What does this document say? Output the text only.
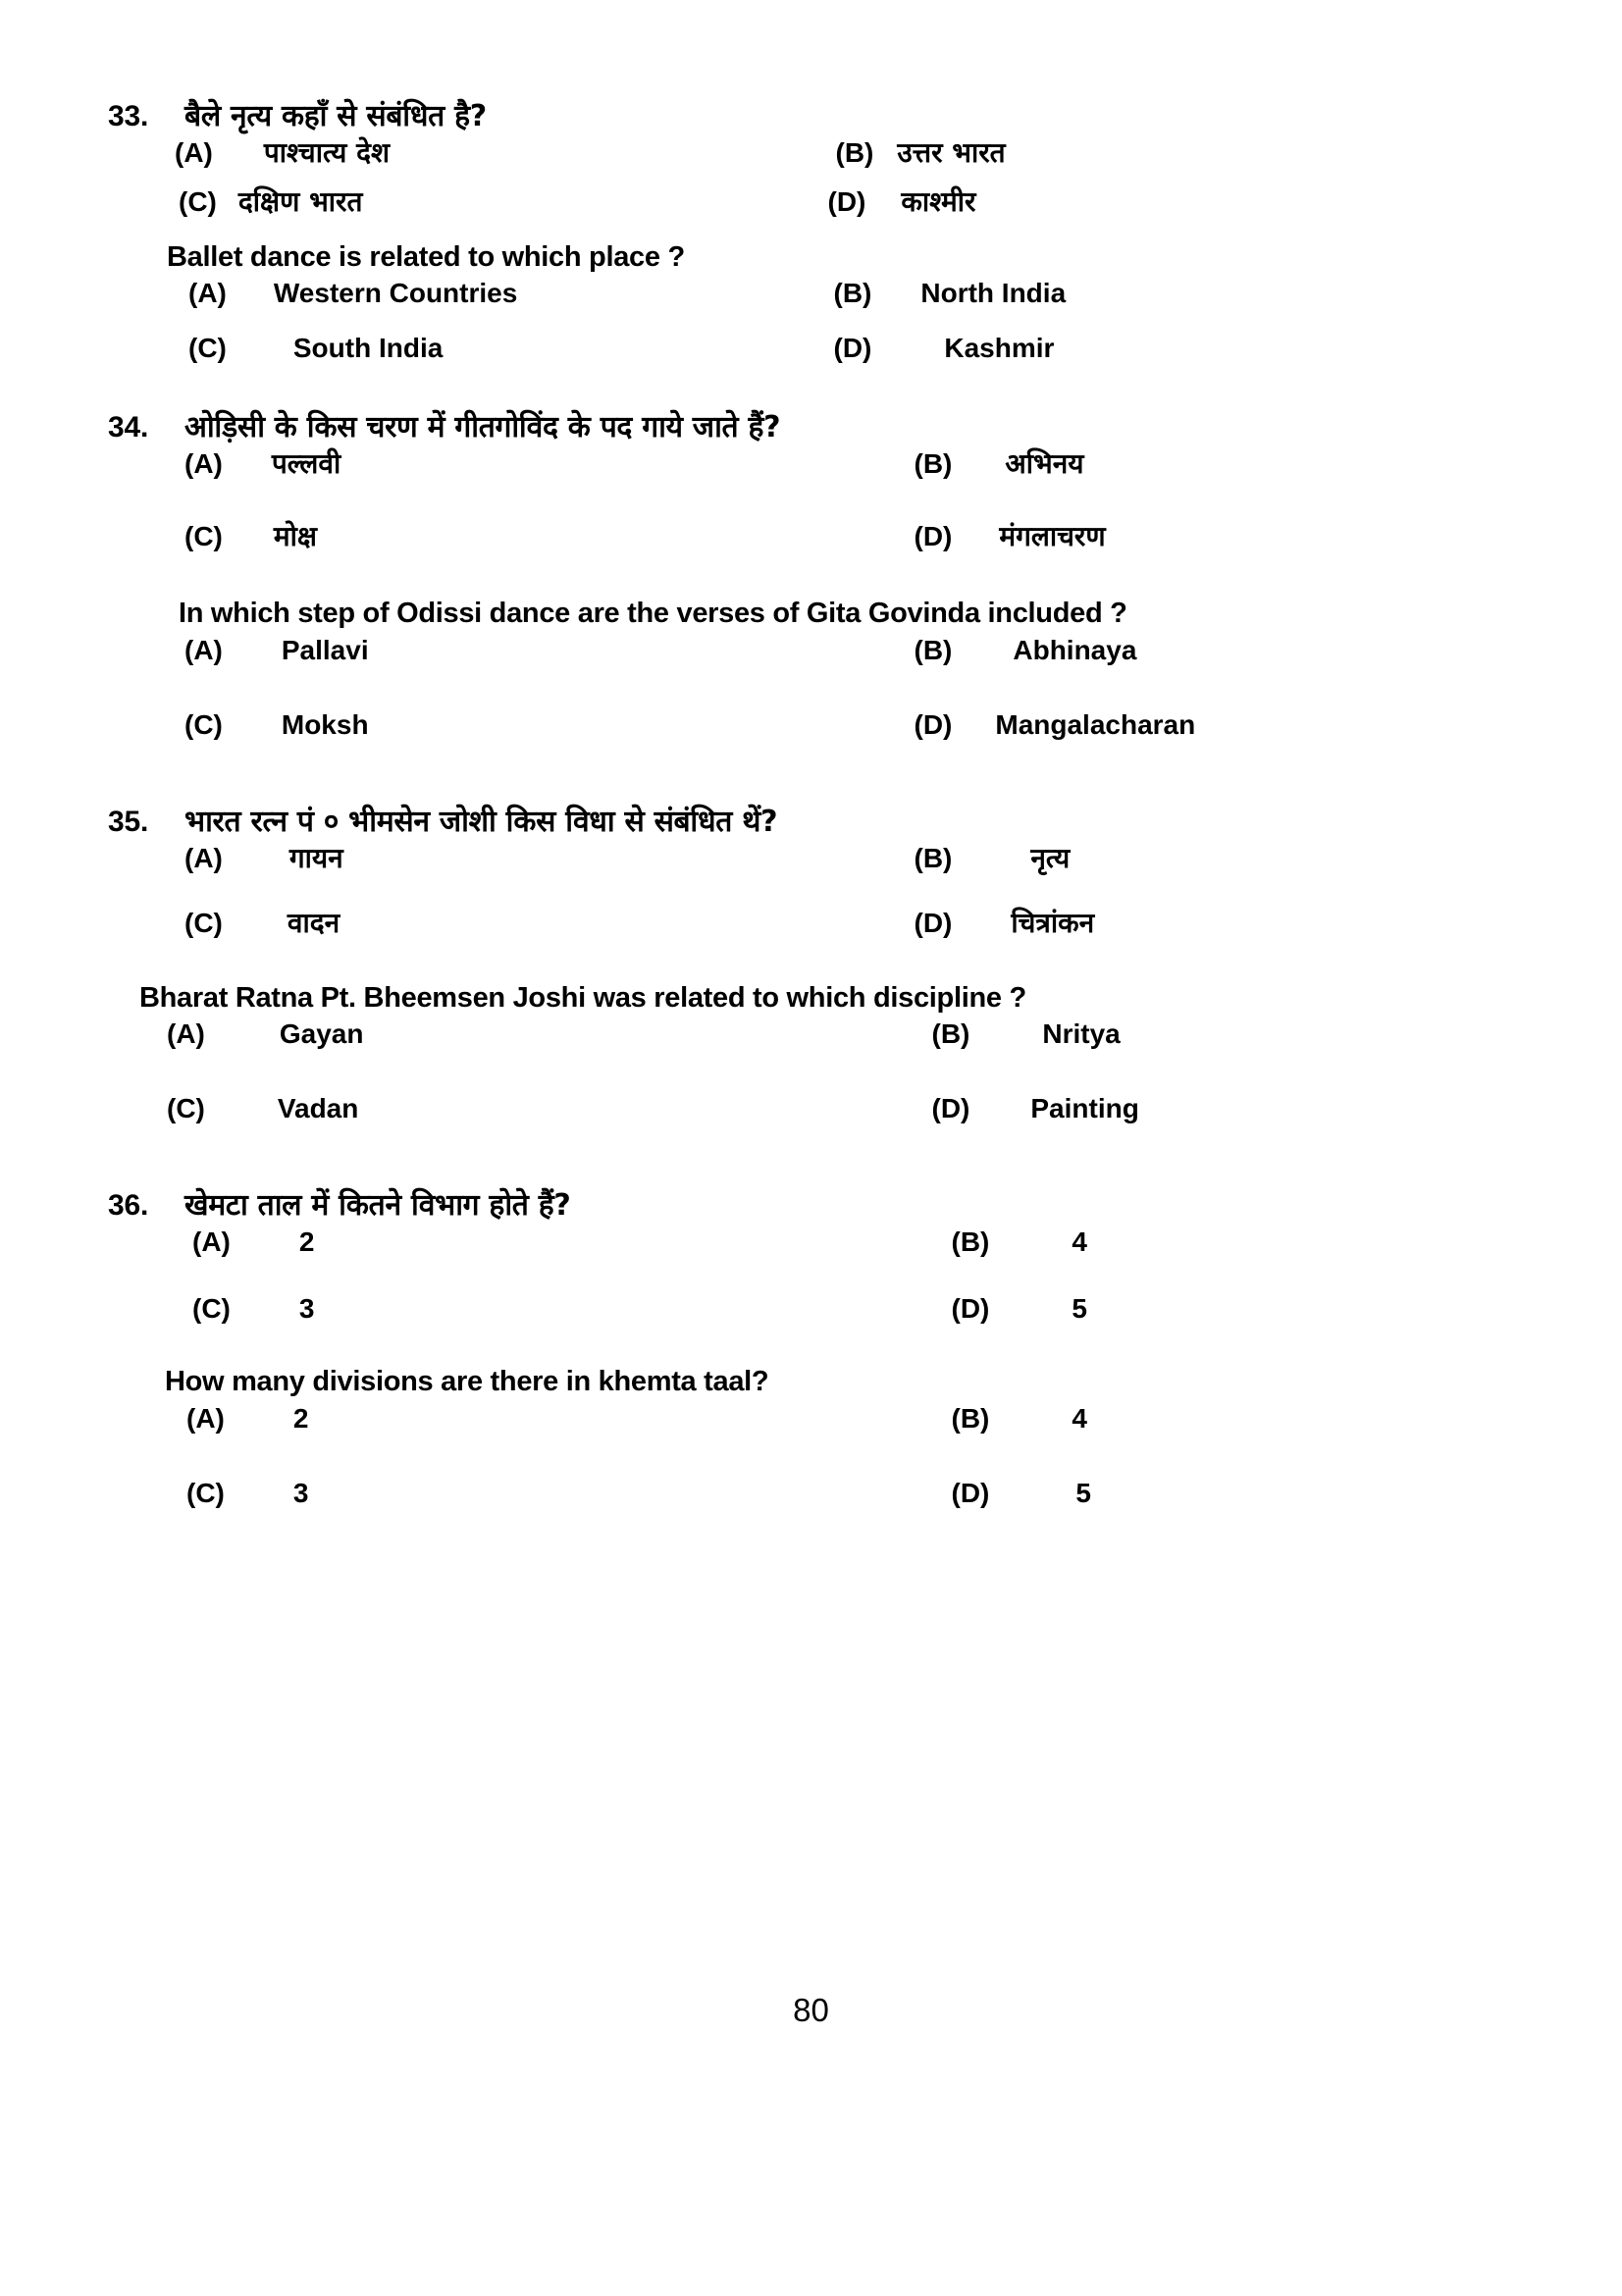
33.	बैले नृत्य कहाँ से संबंधित है?
(A) पाश्चात्य देश	(B) उत्तर भारत
(C) दक्षिण भारत	(D) काश्मीर
Ballet dance is related to which place ?
(A) Western Countries	(B) North India
(C) South India	(D)	Kashmir
34.	ओड़िसी के किस चरण में गीतगोविंद के पद गाये जाते हैं?
(A) पल्लवी	(B) अभिनय
(C) मोक्ष	(D) मंगलाचरण
In which step of Odissi dance are the verses of Gita Govinda included ?
(A) Pallavi	(B) Abhinaya
(C) Moksh	(D) Mangalacharan
35.	भारत रत्न पं ० भीमसेन जोशी किस विधा से संबंधित थें?
(A) गायन	(B)	नृत्य
(C) वादन	(D) चित्रांकन
Bharat Ratna Pt. Bheemsen Joshi was related to which discipline ?
(A)	Gayan	(B)	Nritya
(C)	Vadan	(D) Painting
36.	खेमटा ताल में कितने विभाग होते हैं?
(A)	2	(B)	4
(C)	3	(D)	5
How many divisions are there in khemta taal?
(A)	2	(B)	4
(C)	3	(D)	5
80
